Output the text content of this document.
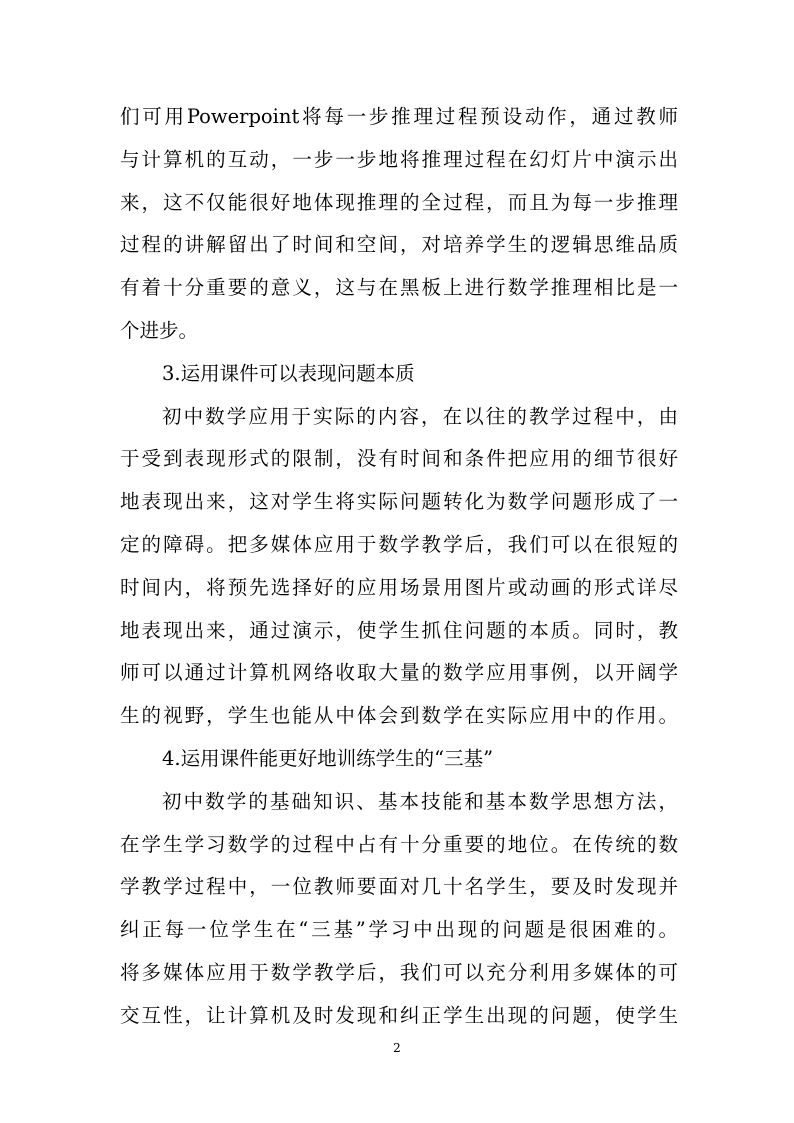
们可用Powerpoint将每一步推理过程预设动作，通过教师
与计算机的互动，一步一步地将推理过程在幻灯片中演示出
来，这不仅能很好地体现推理的全过程，而且为每一步推理
过程的讲解留出了时间和空间，对培养学生的逻辑思维品质
有着十分重要的意义，这与在黑板上进行数学推理相比是一
个进步。
3.运用课件可以表现问题本质
初中数学应用于实际的内容，在以往的教学过程中，由
于受到表现形式的限制，没有时间和条件把应用的细节很好
地表现出来，这对学生将实际问题转化为数学问题形成了一
定的障碍。把多媒体应用于数学教学后，我们可以在很短的
时间内，将预先选择好的应用场景用图片或动画的形式详尽
地表现出来，通过演示，使学生抓住问题的本质。同时，教
师可以通过计算机网络收取大量的数学应用事例，以开阔学
生的视野，学生也能从中体会到数学在实际应用中的作用。
4.运用课件能更好地训练学生的“三基”
初中数学的基础知识、基本技能和基本数学思想方法，
在学生学习数学的过程中占有十分重要的地位。在传统的数
学教学过程中，一位教师要面对几十名学生，要及时发现并
纠正每一位学生在“三基”学习中出现的问题是很困难的。
将多媒体应用于数学教学后，我们可以充分利用多媒体的可
交互性，让计算机及时发现和纠正学生出现的问题，使学生
2
